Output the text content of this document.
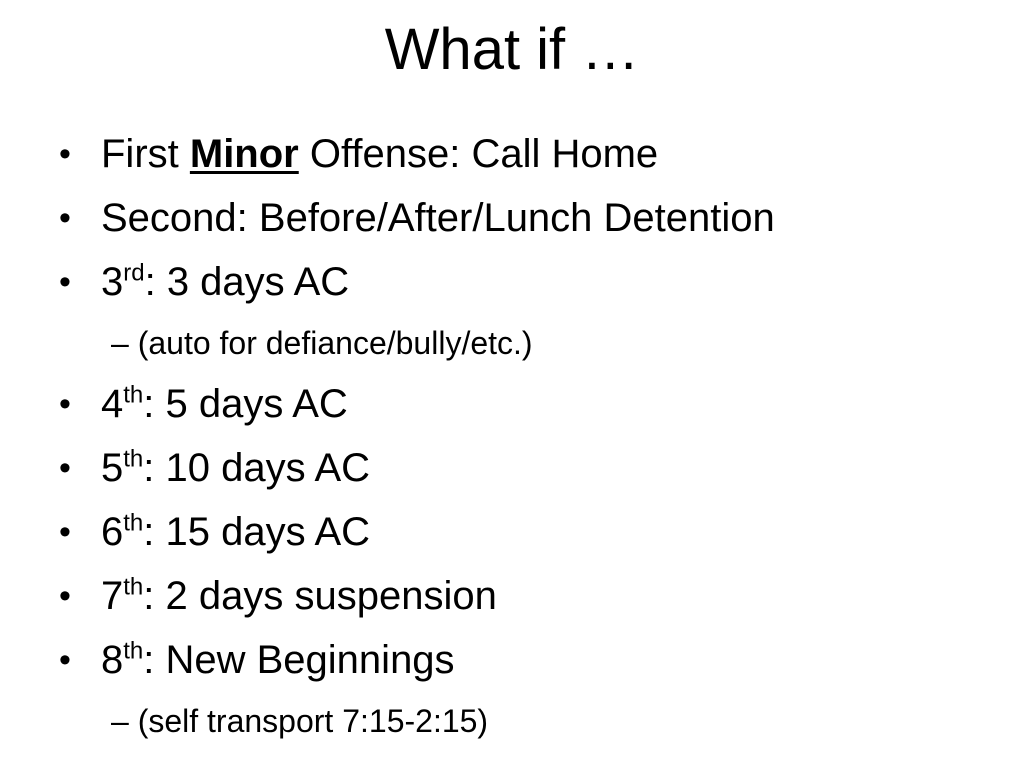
What if …
• First Minor Offense: Call Home
• Second: Before/After/Lunch Detention
• 3rd: 3 days AC
– (auto for defiance/bully/etc.)
• 4th: 5 days AC
• 5th: 10 days AC
• 6th: 15 days AC
• 7th: 2 days suspension
• 8th: New Beginnings
– (self transport 7:15-2:15)
